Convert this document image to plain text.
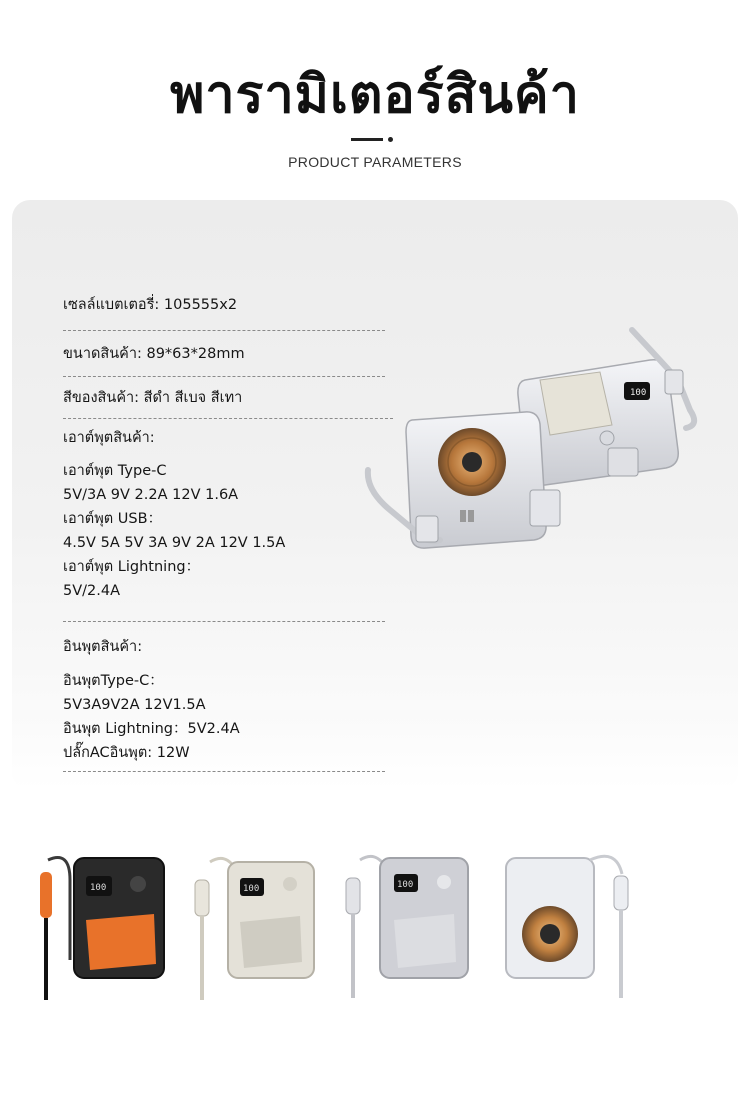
พารามิเตอร์สินค้า
PRODUCT PARAMETERS
เซลล์แบตเตอรี่: 105555x2
ขนาดสินค้า: 89*63*28mm
สีของสินค้า: สีดำ สีเบจ สีเทา
เอาต์พุตสินค้า:
เอาต์พุต Type-C
5V/3A 9V 2.2A 12V 1.6A
เอาต์พุต USB：
4.5V 5A 5V 3A 9V 2A 12V 1.5A
เอาต์พุต Lightning：
5V/2.4A
อินพุตสินค้า:
อินพุตType-C：
5V3A9V2A 12V1.5A
อินพุต Lightning：5V2.4A
ปลั๊กACอินพุต: 12W
100
100	100	100
